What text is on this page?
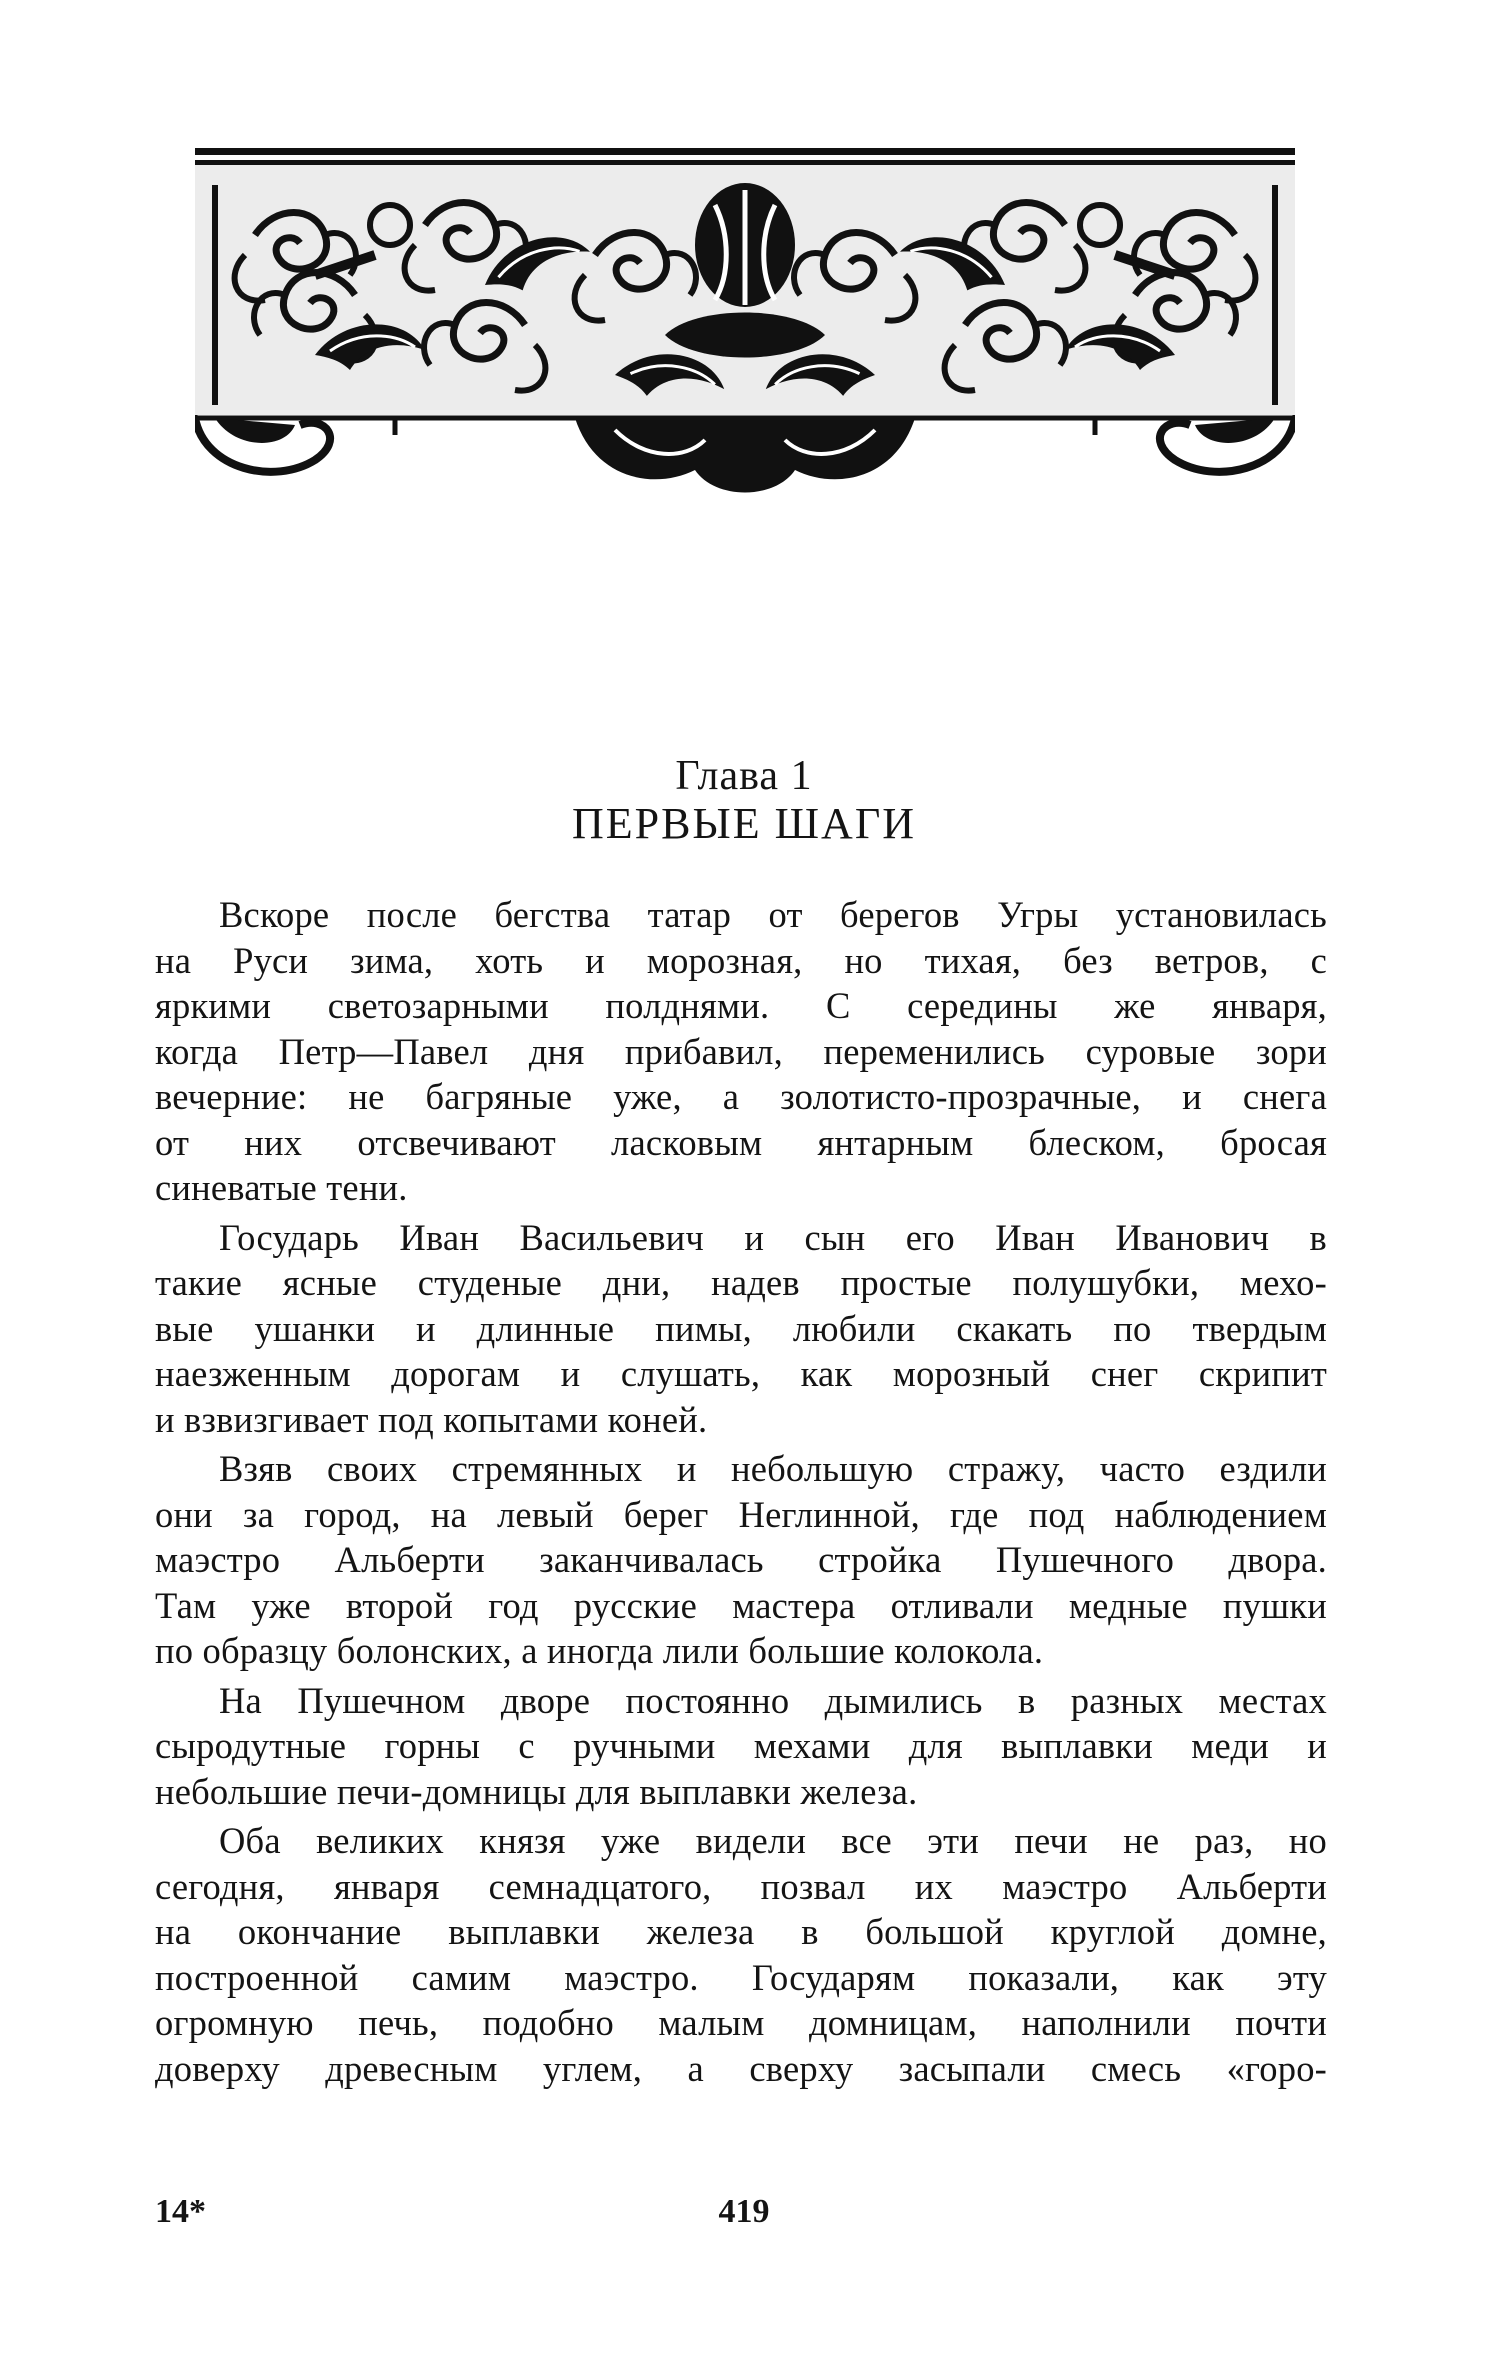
Глава 1
ПЕРВЫЕ ШАГИ
Вскоре после бегства татар от берегов Угры установилась
на Руси зима, хоть и морозная, но тихая, без ветров, с
яркими светозарными полднями. С середины же января,
когда Петр—Павел дня прибавил, переменились суровые зори
вечерние: не багряные уже, а золотисто-прозрачные, и снега
от них отсвечивают ласковым янтарным блеском, бросая
синеватые тени.
Государь Иван Васильевич и сын его Иван Иванович в
такие ясные студеные дни, надев простые полушубки, мехо-
вые ушанки и длинные пимы, любили скакать по твердым
наезженным дорогам и слушать, как морозный снег скрипит
и взвизгивает под копытами коней.
Взяв своих стремянных и небольшую стражу, часто ездили
они за город, на левый берег Неглинной, где под наблюдением
маэстро Альберти заканчивалась стройка Пушечного двора.
Там уже второй год русские мастера отливали медные пушки
по образцу болонских, а иногда лили большие колокола.
На Пушечном дворе постоянно дымились в разных местах
сыродутные горны с ручными мехами для выплавки меди и
небольшие печи-домницы для выплавки железа.
Оба великих князя уже видели все эти печи не раз, но
сегодня, января семнадцатого, позвал их маэстро Альберти
на окончание выплавки железа в большой круглой домне,
построенной самим маэстро. Государям показали, как эту
огромную печь, подобно малым домницам, наполнили почти
доверху древесным углем, а сверху засыпали смесь «горо-
14*	419
